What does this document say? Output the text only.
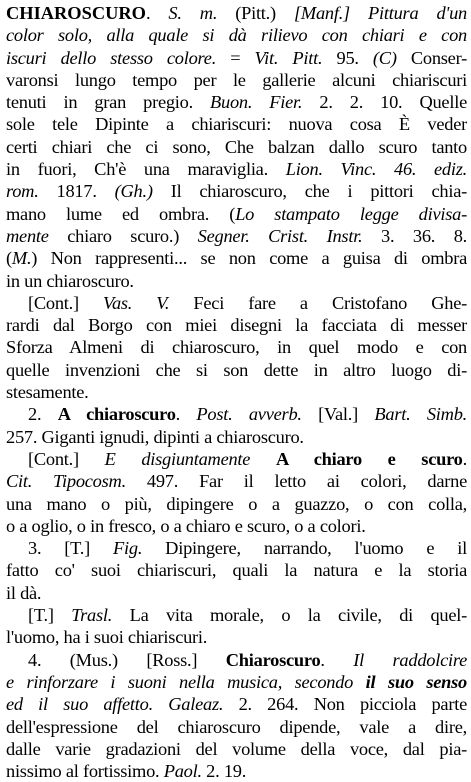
CHIAROSCURO. S. m. (Pitt.) [Manf.] Pittura d'un
color solo, alla quale si dà rilievo con chiari e con
iscuri dello stesso colore. = Vit. Pitt. 95. (C) Conser-
varonsi lungo tempo per le gallerie alcuni chiariscuri
tenuti in gran pregio. Buon. Fier. 2. 2. 10. Quelle
sole tele Dipinte a chiariscuri: nuova cosa È veder
certi chiari che ci sono, Che balzan dallo scuro tanto
in fuori, Ch'è una maraviglia. Lion. Vinc. 46. ediz.
rom. 1817. (Gh.) Il chiaroscuro, che i pittori chia-
mano lume ed ombra. (Lo stampato legge divisa-
mente chiaro scuro.) Segner. Crist. Instr. 3. 36. 8.
(M.) Non rappresenti... se non come a guisa di ombra
in un chiaroscuro.
[Cont.] Vas. V. Feci fare a Cristofano Ghe-
rardi dal Borgo con miei disegni la facciata di messer
Sforza Almeni di chiaroscuro, in quel modo e con
quelle invenzioni che si son dette in altro luogo di-
stesamente.
2. A chiaroscuro. Post. avverb. [Val.] Bart. Simb.
257. Giganti ignudi, dipinti a chiaroscuro.
[Cont.] E disgiuntamente A chiaro e scuro.
Cit. Tipocosm. 497. Far il letto ai colori, darne
una mano o più, dipingere o a guazzo, o con colla,
o a oglio, o in fresco, o a chiaro e scuro, o a colori.
3. [T.] Fig. Dipingere, narrando, l'uomo e il
fatto co' suoi chiariscuri, quali la natura e la storia
il dà.
[T.] Trasl. La vita morale, o la civile, di quel-
l'uomo, ha i suoi chiariscuri.
4. (Mus.) [Ross.] Chiaroscuro. Il raddolcire
e rinforzare i suoni nella musica, secondo il suo senso
ed il suo affetto. Galeaz. 2. 264. Non picciola parte
dell'espressione del chiaroscuro dipende, vale a dire,
dalle varie gradazioni del volume della voce, dal pia-
nissimo al fortissimo. Paol. 2. 19.
